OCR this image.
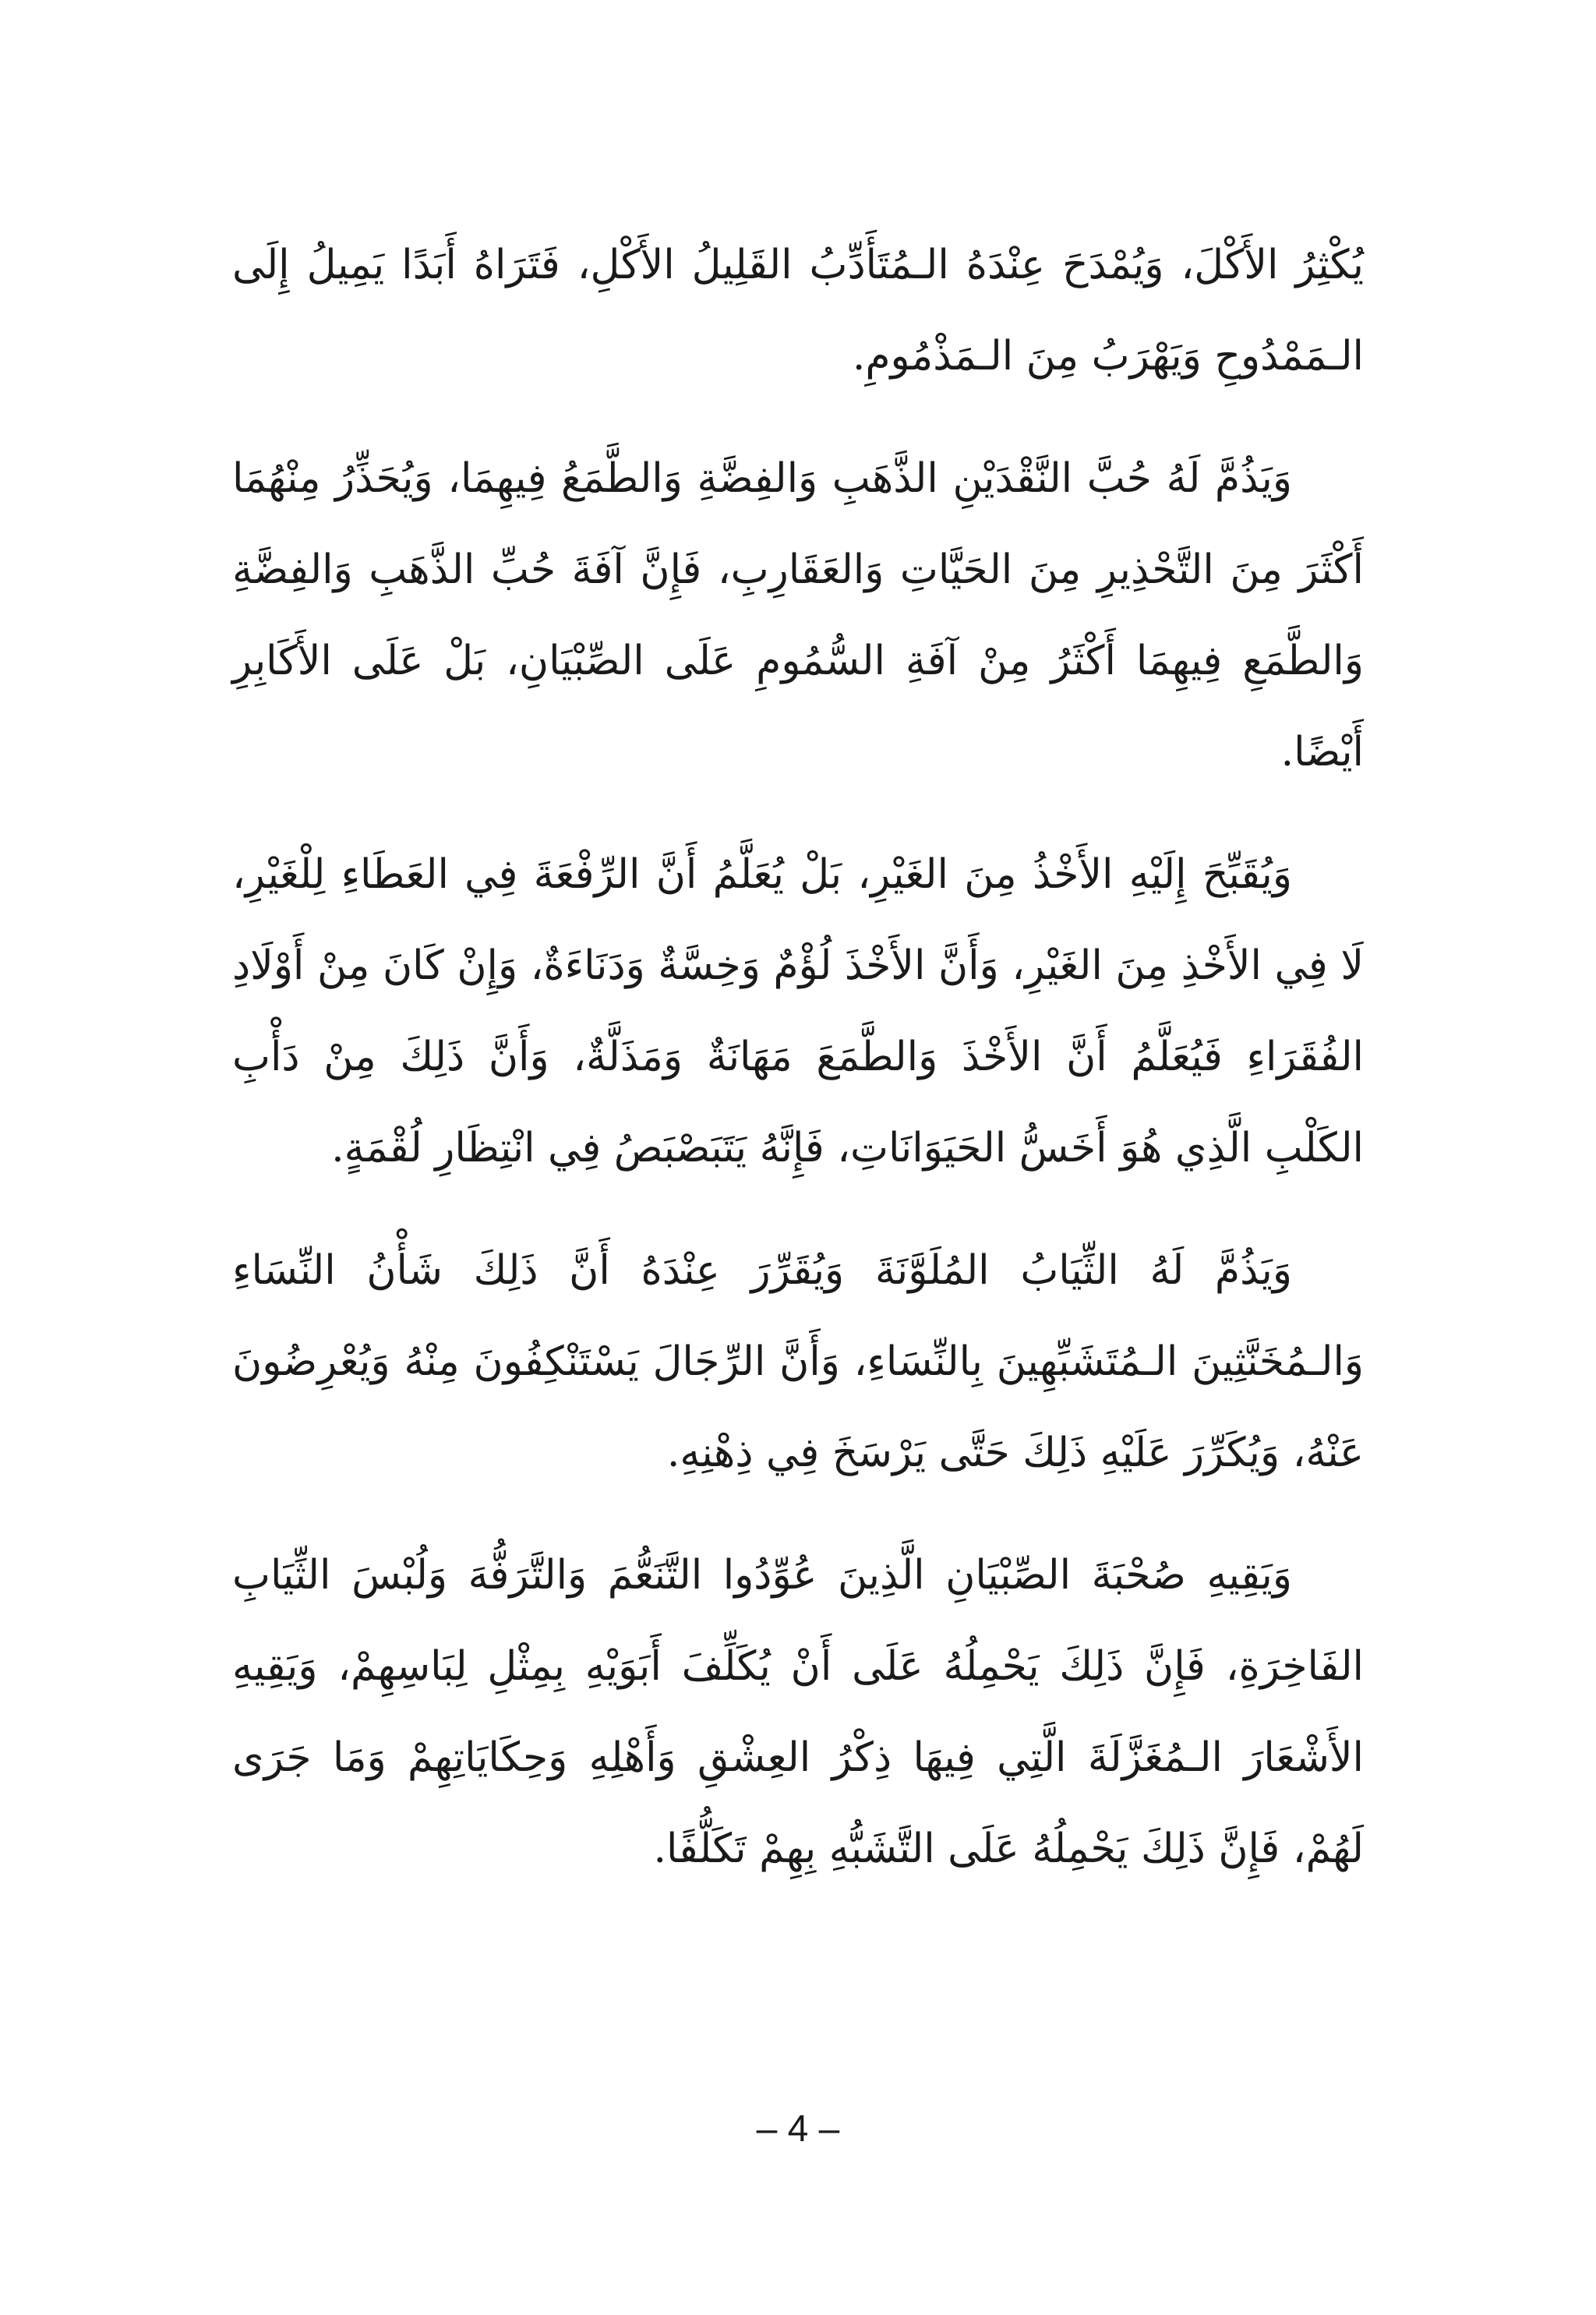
يُكْثِرُ الأَكْلَ، وَيُمْدَحَ عِنْدَهُ الـمُتَأَدِّبُ القَلِيلُ الأَكْلِ، فَتَرَاهُ أَبَدًا يَمِيلُ إِلَى الـمَمْدُوحِ وَيَهْرَبُ مِنَ الـمَذْمُومِ.

وَيَذُمَّ لَهُ حُبَّ النَّقْدَيْنِ الذَّهَبِ وَالفِضَّةِ وَالطَّمَعُ فِيهِمَا، وَيُحَذِّرُ مِنْهُمَا أَكْثَرَ مِنَ التَّحْذِيرِ مِنَ الحَيَّاتِ وَالعَقَارِبِ، فَإِنَّ آفَةَ حُبِّ الذَّهَبِ وَالفِضَّةِ وَالطَّمَعِ فِيهِمَا أَكْثَرُ مِنْ آفَةِ السُّمُومِ عَلَى الصِّبْيَانِ، بَلْ عَلَى الأَكَابِرِ أَيْضًا.

وَيُقَبِّحَ إِلَيْهِ الأَخْذُ مِنَ الغَيْرِ، بَلْ يُعَلَّمُ أَنَّ الرِّفْعَةَ فِي العَطَاءِ لِلْغَيْرِ، لَا فِي الأَخْذِ مِنَ الغَيْرِ، وَأَنَّ الأَخْذَ لُؤْمٌ وَخِسَّةٌ وَدَنَاءَةٌ، وَإِنْ كَانَ مِنْ أَوْلَادِ الفُقَرَاءِ فَيُعَلَّمُ أَنَّ الأَخْذَ وَالطَّمَعَ مَهَانَةٌ وَمَذَلَّةٌ، وَأَنَّ ذَلِكَ مِنْ دَأْبِ الكَلْبِ الَّذِي هُوَ أَخَسُّ الحَيَوَانَاتِ، فَإِنَّهُ يَتَبَصْبَصُ فِي انْتِظَارِ لُقْمَةٍ.

وَيَذُمَّ لَهُ الثِّيَابُ المُلَوَّنَةَ وَيُقَرِّرَ عِنْدَهُ أَنَّ ذَلِكَ شَأْنُ النِّسَاءِ وَالـمُخَنَّثِينَ الـمُتَشَبِّهِينَ بِالنِّسَاءِ، وَأَنَّ الرِّجَالَ يَسْتَنْكِفُونَ مِنْهُ وَيُعْرِضُونَ عَنْهُ، وَيُكَرِّرَ عَلَيْهِ ذَلِكَ حَتَّى يَرْسَخَ فِي ذِهْنِهِ.

وَيَقِيهِ صُحْبَةَ الصِّبْيَانِ الَّذِينَ عُوِّدُوا التَّنَعُّمَ وَالتَّرَفُّهَ وَلُبْسَ الثِّيَابِ الفَاخِرَةِ، فَإِنَّ ذَلِكَ يَحْمِلُهُ عَلَى أَنْ يُكَلِّفَ أَبَوَيْهِ بِمِثْلِ لِبَاسِهِمْ، وَيَقِيهِ الأَشْعَارَ الـمُغَزَّلَةَ الَّتِي فِيهَا ذِكْرُ العِشْقِ وَأَهْلِهِ وَحِكَايَاتِهِمْ وَمَا جَرَى لَهُمْ، فَإِنَّ ذَلِكَ يَحْمِلُهُ عَلَى التَّشَبُّهِ بِهِمْ تَكَلُّفًا.

– 4 –
